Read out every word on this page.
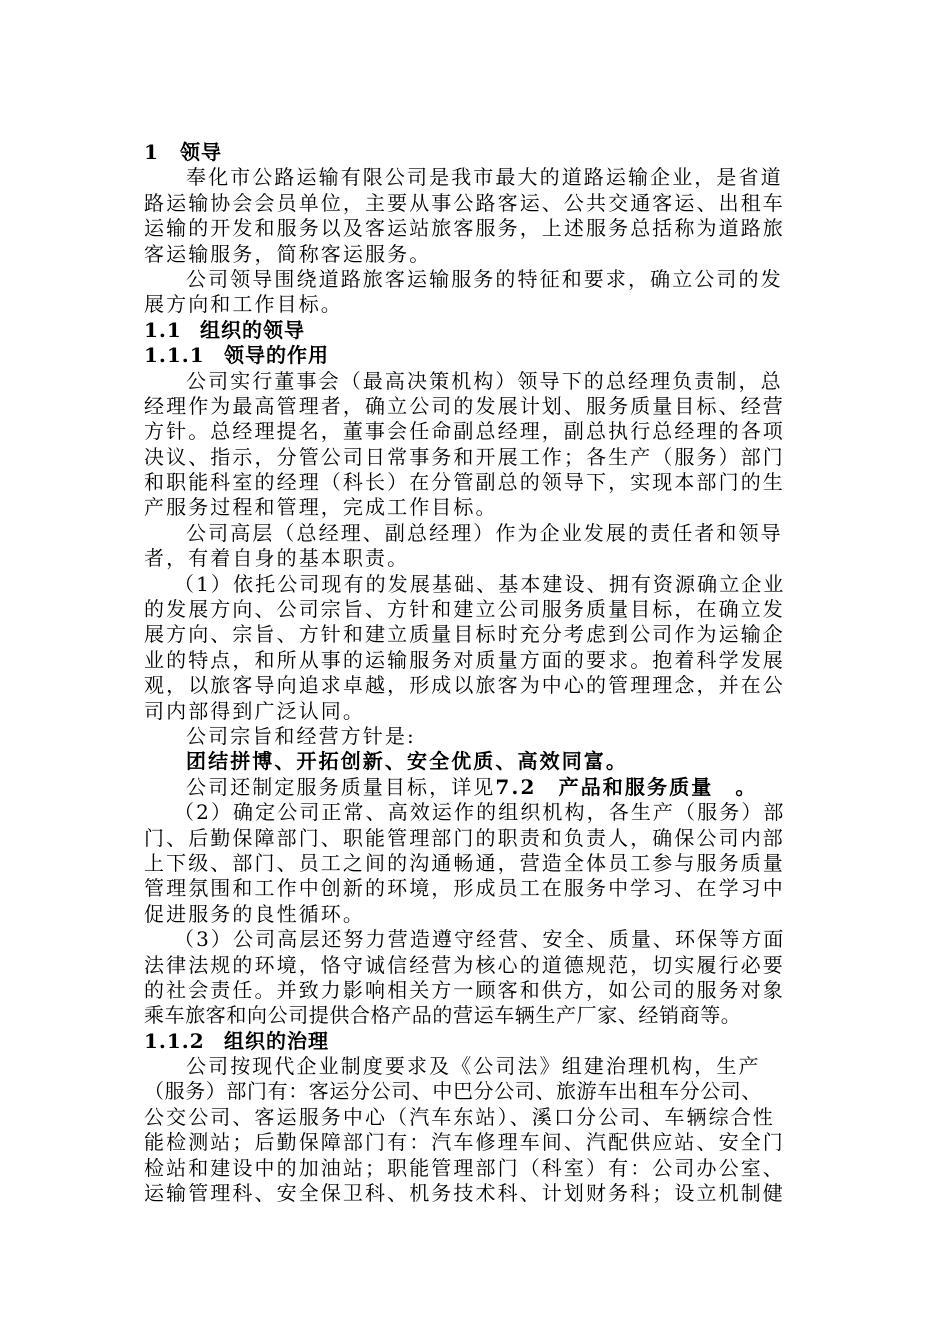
1 领导
奉化市公路运输有限公司是我市最大的道路运输企业，是省道
路运输协会会员单位，主要从事公路客运、公共交通客运、出租车
运输的开发和服务以及客运站旅客服务，上述服务总括称为道路旅
客运输服务，简称客运服务。
公司领导围绕道路旅客运输服务的特征和要求，确立公司的发
展方向和工作目标。
1.1 组织的领导
1.1.1 领导的作用
公司实行董事会（最高决策机构）领导下的总经理负责制，总
经理作为最高管理者，确立公司的发展计划、服务质量目标、经营
方针。总经理提名，董事会任命副总经理，副总执行总经理的各项
决议、指示，分管公司日常事务和开展工作；各生产（服务）部门
和职能科室的经理（科长）在分管副总的领导下，实现本部门的生
产服务过程和管理，完成工作目标。
公司高层（总经理、副总经理）作为企业发展的责任者和领导
者，有着自身的基本职责。
（1）依托公司现有的发展基础、基本建设、拥有资源确立企业
的发展方向、公司宗旨、方针和建立公司服务质量目标，在确立发
展方向、宗旨、方针和建立质量目标时充分考虑到公司作为运输企
业的特点，和所从事的运输服务对质量方面的要求。抱着科学发展
观，以旅客导向追求卓越，形成以旅客为中心的管理理念，并在公
司内部得到广泛认同。
公司宗旨和经营方针是:
团结拼博、开拓创新、安全优质、高效同富。
公司还制定服务质量目标，详见7.2　产品和服务质量　。
（2）确定公司正常、高效运作的组织机构，各生产（服务）部
门、后勤保障部门、职能管理部门的职责和负责人，确保公司内部
上下级、部门、员工之间的沟通畅通，营造全体员工参与服务质量
管理氛围和工作中创新的环境，形成员工在服务中学习、在学习中
促进服务的良性循环。
（3）公司高层还努力营造遵守经营、安全、质量、环保等方面
法律法规的环境，恪守诚信经营为核心的道德规范，切实履行必要
的社会责任。并致力影响相关方一顾客和供方，如公司的服务对象
乘车旅客和向公司提供合格产品的营运车辆生产厂家、经销商等。
1.1.2 组织的治理
公司按现代企业制度要求及《公司法》组建治理机构，生产
（服务）部门有：客运分公司、中巴分公司、旅游车出租车分公司、
公交公司、客运服务中心（汽车东站）、溪口分公司、车辆综合性
能检测站；后勤保障部门有：汽车修理车间、汽配供应站、安全门
检站和建设中的加油站；职能管理部门（科室）有：公司办公室、
运输管理科、安全保卫科、机务技术科、计划财务科；设立机制健
